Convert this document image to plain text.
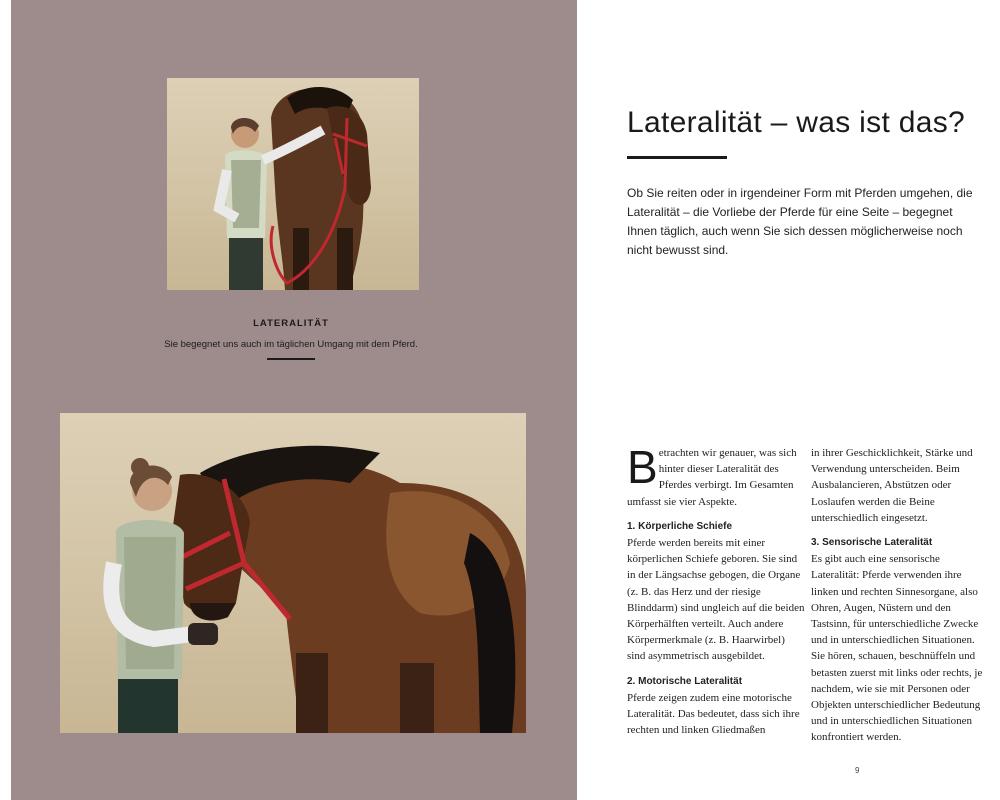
LATERALITÄT
Sie begegnet uns auch im täglichen Umgang mit dem Pferd.
Lateralität – was ist das?
Ob Sie reiten oder in irgendeiner Form mit Pferden umgehen, die Lateralität – die Vorliebe der Pferde für eine Seite – begegnet Ihnen täglich, auch wenn Sie sich dessen möglicherweise noch nicht bewusst sind.

B etrachten wir genauer, was sich hinter dieser Lateralität des Pferdes verbirgt. Im Gesamten umfasst sie vier Aspekte.

1. Körperliche Schiefe
Pferde werden bereits mit einer körperlichen Schiefe geboren. Sie sind in der Längsachse gebogen, die Organe (z. B. das Herz und der riesige Blinddarm) sind ungleich auf die beiden Körperhälften verteilt. Auch andere Körpermerkmale (z. B. Haarwirbel) sind asymmetrisch ausgebildet.

2. Motorische Lateralität
Pferde zeigen zudem eine motorische Lateralität. Das bedeutet, dass sich ihre rechten und linken Gliedmaßen

in ihrer Geschicklichkeit, Stärke und Verwendung unterscheiden. Beim Ausbalancieren, Abstützen oder Loslaufen werden die Beine unterschiedlich eingesetzt.

3. Sensorische Lateralität
Es gibt auch eine sensorische Lateralität: Pferde verwenden ihre linken und rechten Sinnesorgane, also Ohren, Augen, Nüstern und den Tastsinn, für unterschiedliche Zwecke und in unterschiedlichen Situationen. Sie hören, schauen, beschnüffeln und betasten zuerst mit links oder rechts, je nachdem, wie sie mit Personen oder Objekten unterschiedlicher Bedeutung und in unterschiedlichen Situationen konfrontiert werden.

9
